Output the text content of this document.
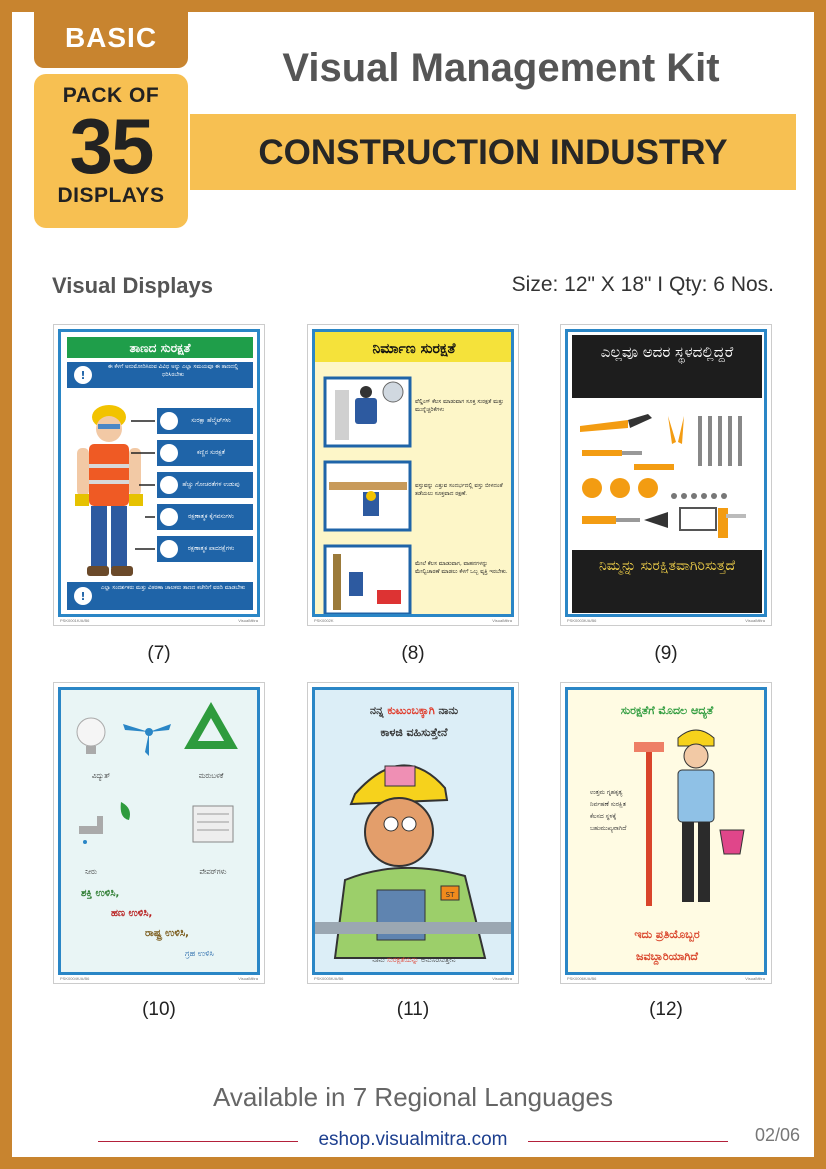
BASIC
PACK OF
35
DISPLAYS
Visual Management Kit
CONSTRUCTION INDUSTRY
Visual Displays	Size: 12" X 18" I Qty: 6 Nos.
ತಾಣದ ಸುರಕ್ಷತೆ
!
ಈ ಕೆಳಗೆ ಅನುಮೋದಿಸಿರುವ ವಿವಿಧ ಅನ್ನು ಎಲ್ಲಾ ಸಮಯವೂ ಈ ತಾಣದಲ್ಲಿ ಧರಿಸಿರಬೇಕು
ಸುರಕ್ಷಾ ಹೆಲ್ಮೆಟ್‌ಗಳು
ಕಣ್ಣಿನ ಸುರಕ್ಷತೆ
ಹೆಚ್ಚು ಗೋಚರತೆಗಳ ಉಡುಪು
ರಕ್ಷಣಾತ್ಮಕ ಕೈಗವಸುಗಳು
ರಕ್ಷಣಾತ್ಮಕ ಪಾದರಕ್ಷೆಗಳು
!
ಎಲ್ಲಾ ಸಂದರ್ಶಕರು ಮತ್ತು ವಿತರಣಾ ಚಾಲಕರು ತಾಣದ ಕಚೇರಿಗೆ ವರದಿ ಮಾಡಬೇಕು
PSK0001K/A/B6	VisualMitra
(7)
ನಿರ್ಮಾಣ ಸುರಕ್ಷತೆ
ವೆಲ್ಡಿಂಗ್ ಕೆಲಸ ಮಾಡುವಾಗ ಸೂಕ್ತ ಸುರಕ್ಷತೆ ಮತ್ತು ಮುನ್ನೆಚ್ಚರಿಕೆಗಳು
ವಸ್ತುವನ್ನು ಎತ್ತುವ ಸಂದರ್ಭದಲ್ಲಿ ವಸ್ತು ಬೀಳದಂತೆ ತಡೆಯಲು ಸೂಕ್ತವಾದ ರಕ್ಷಣೆ.
ಮೇಲೆ ಕೆಲಸ ಮಾಡುವಾಗ, ವಾಹನಗಳನ್ನು ಮೇಲ್ವಿಚಾರಣೆ ಮಾಡಲು ಕೆಳಗೆ ಒಬ್ಬ ವ್ಯಕ್ತಿ ಇರಬೇಕು.
PSK0002K	VisualMitra
(8)
ಎಲ್ಲವೂ ಅದರ ಸ್ಥಳದಲ್ಲಿದ್ದರೆ
ನಿಮ್ಮನ್ನು ಸುರಕ್ಷಿತವಾಗಿರಿಸುತ್ತದೆ
PSK0003K/A/B6	VisualMitra
(9)
ವಿದ್ಯುತ್	ಮರುಬಳಕೆ
ನೀರು	ಪೇಪರ್‌ಗಳು
ಶಕ್ತಿ ಉಳಿಸಿ,
ಹಣ ಉಳಿಸಿ,
ರಾಷ್ಟ್ರ ಉಳಿಸಿ,
ಗ್ರಹ ಉಳಿಸಿ
PSK0004K/A/B6	VisualMitra
(10)
ನನ್ನ ಕುಟುಂಬಕ್ಕಾಗಿ ನಾನು
ಕಾಳಜಿ ವಹಿಸುತ್ತೇನೆ
ST
ನಾನು ಸುರಕ್ಷತೆಯನ್ನು ಅನುಸರಿಸುತ್ತೇನೆ
PSK0005K/A/B6	VisualMitra
(11)
ಸುರಕ್ಷತೆಗೆ ಮೊದಲ ಆದ್ಯತೆ
ಉತ್ತಮ ಗೃಹಕೃತ್ಯ
ನಿರ್ವಹಣೆ ಸುರಕ್ಷಿತ
ಕೆಲಸದ ಸ್ಥಳಕ್ಕೆ
ಬಹುಮುಖ್ಯವಾಗಿದೆ
ಇದು ಪ್ರತಿಯೊಬ್ಬರ
ಜವಬ್ದಾರಿಯಾಗಿದೆ
PSK0006K/A/B6	VisualMitra
(12)
Available in 7 Regional Languages
eshop.visualmitra.com	02/06
